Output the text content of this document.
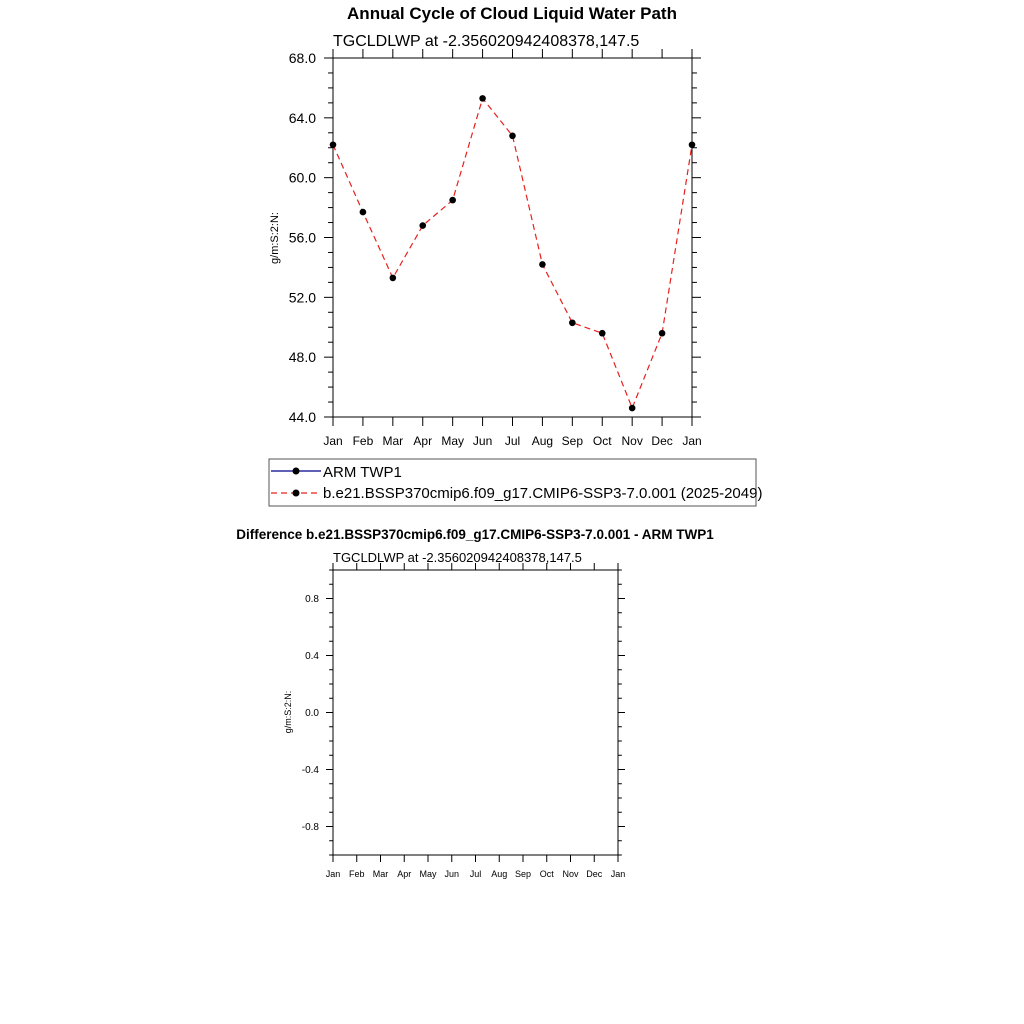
Annual Cycle of Cloud Liquid Water Path
TGCLDLWP at -2.356020942408378,147.5
g/m:S:2:N:
44.0
48.0
52.0
56.0
60.0
64.0
68.0
Jan Feb Mar Apr May Jun Jul Aug Sep Oct Nov Dec Jan
ARM TWP1
b.e21.BSSP370cmip6.f09_g17.CMIP6-SSP3-7.0.001 (2025-2049)
Difference b.e21.BSSP370cmip6.f09_g17.CMIP6-SSP3-7.0.001 - ARM TWP1
TGCLDLWP at -2.356020942408378,147.5
g/m:S:2:N:
-0.8
-0.4
0.0
0.4
0.8
Jan Feb Mar Apr May Jun Jul Aug Sep Oct Nov Dec Jan
